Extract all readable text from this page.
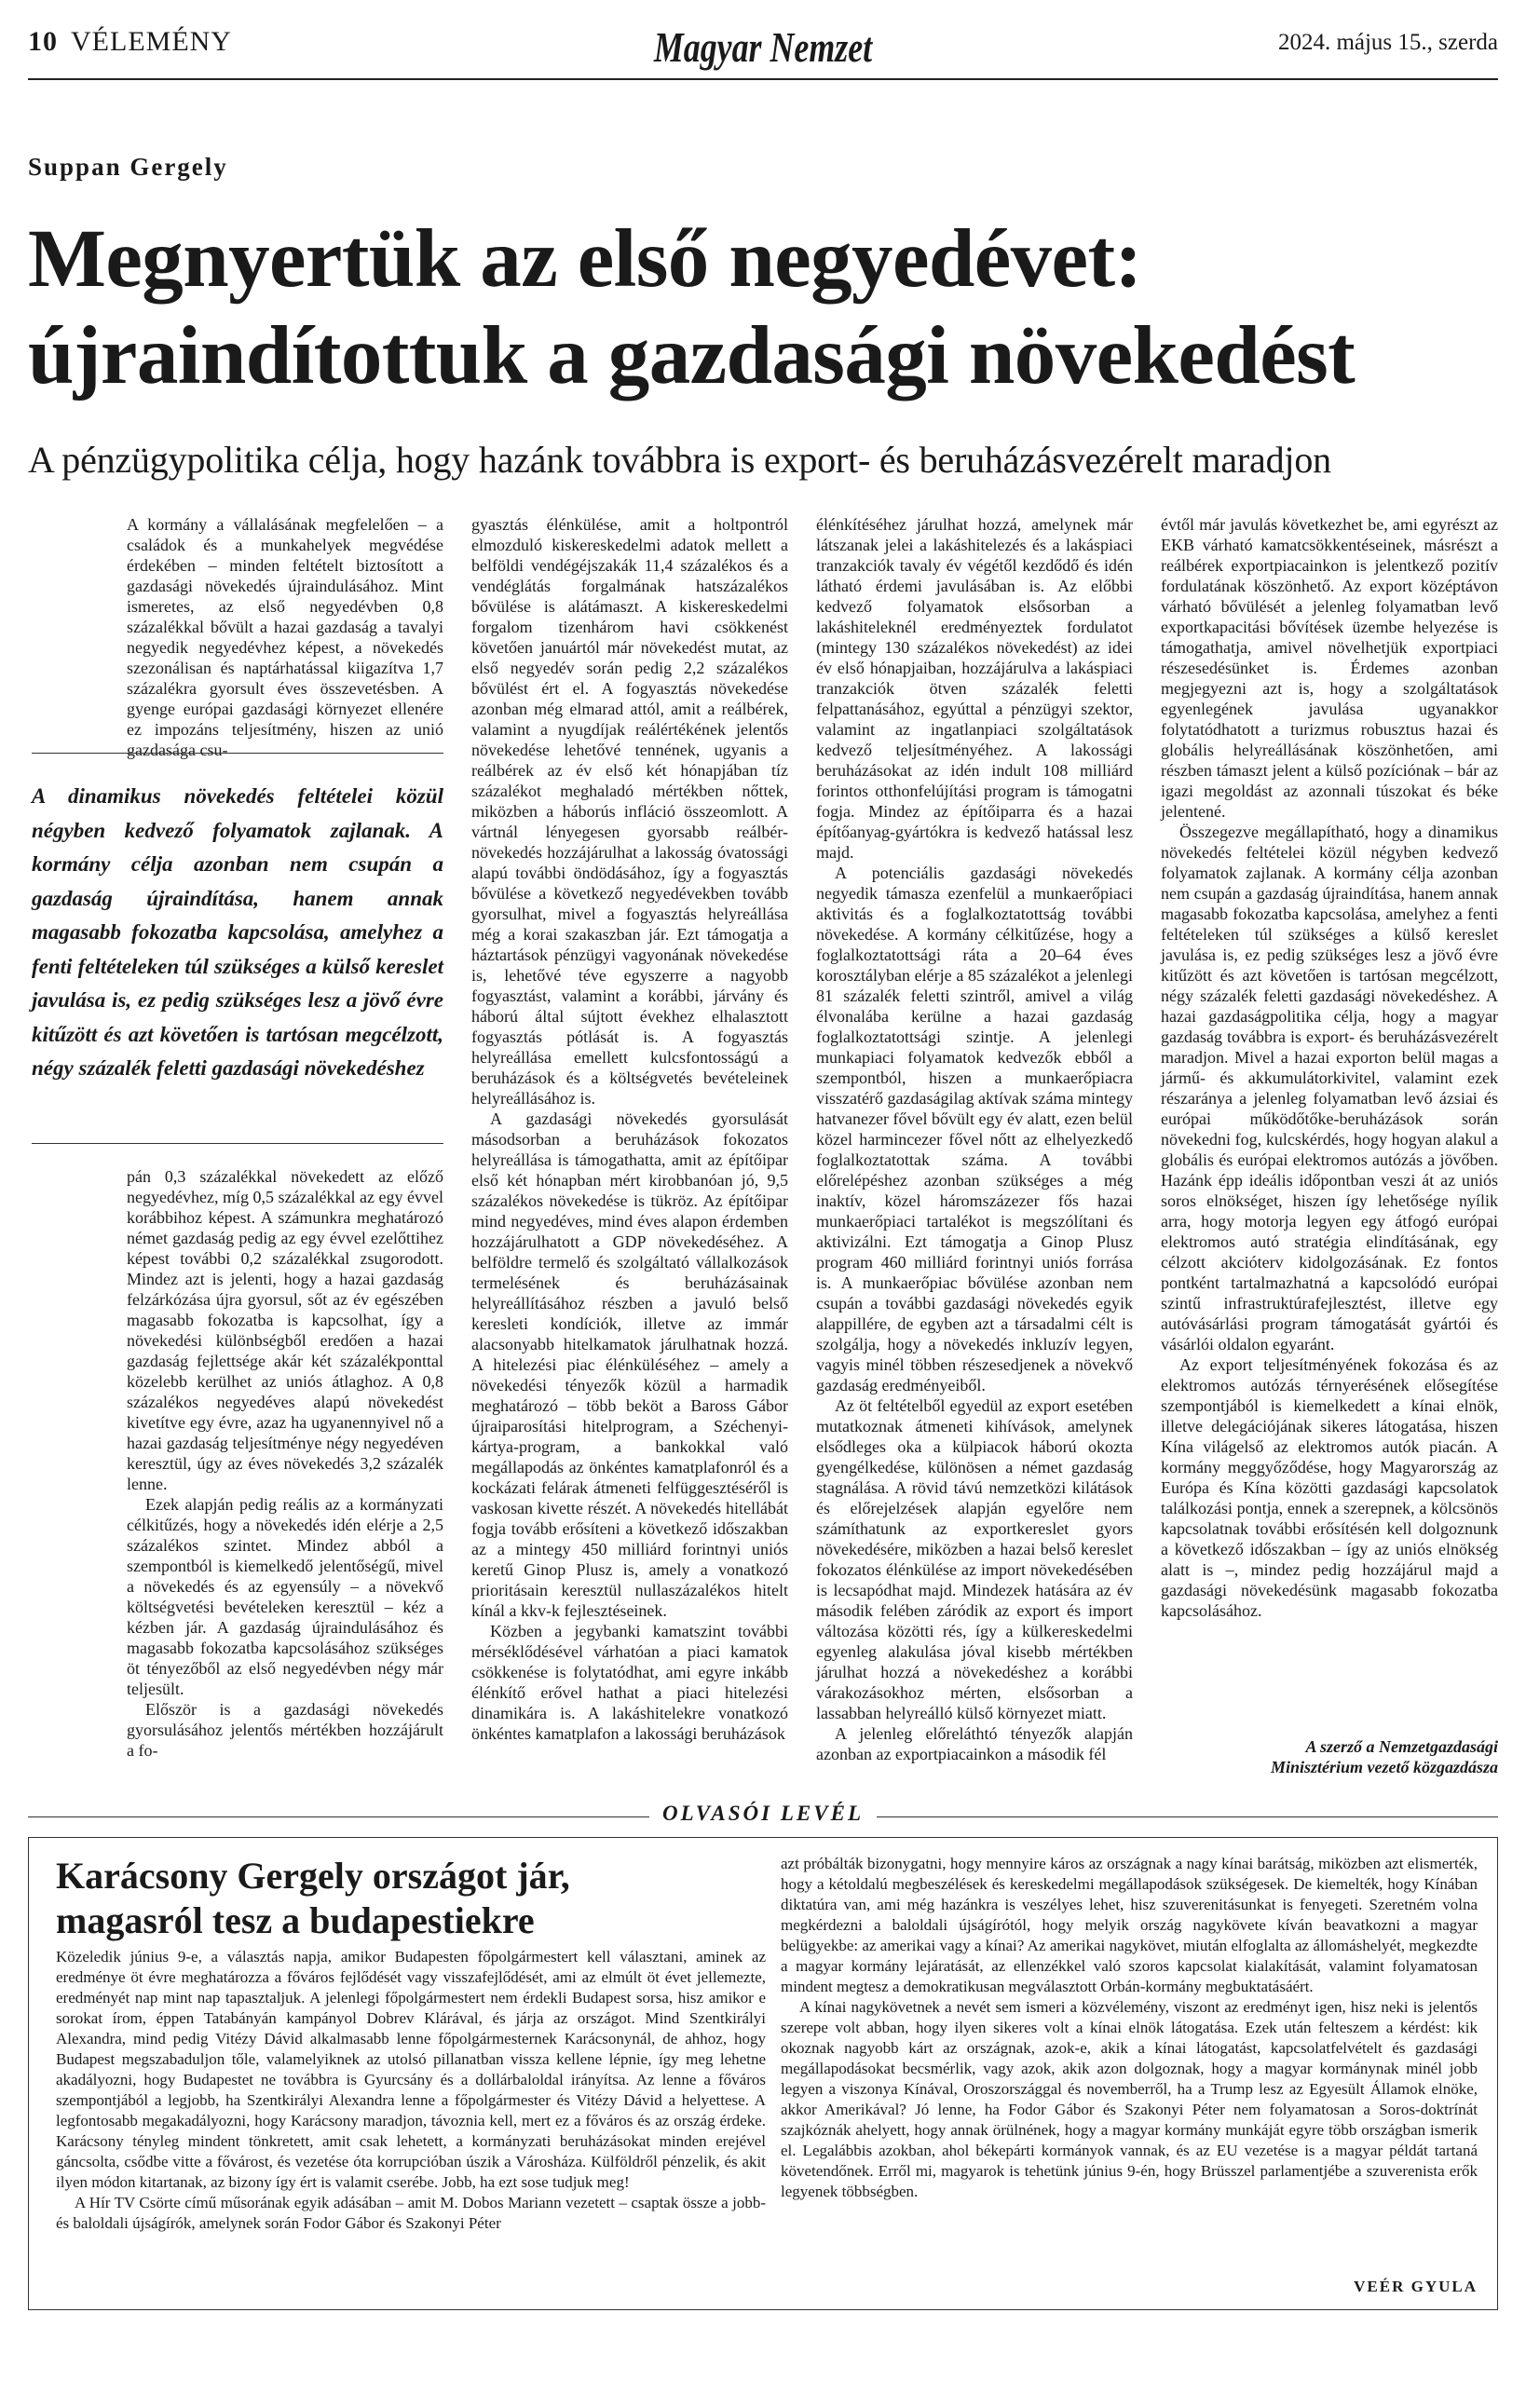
10 VÉLEMÉNY	Magyar Nemzet	2024. május 15., szerda
Suppan Gergely
Megnyertük az első negyedévet:
újraindítottuk a gazdasági növekedést
A pénzügypolitika célja, hogy hazánk továbbra is export- és beruházásvezérelt maradjon

A kormány a vállalásának megfelelően – a családok és a munkahelyek megvédése érdekében – minden feltételt biztosított a gazdasági növekedés újraindulásához. Mint ismeretes, az első negyedévben 0,8 százalékkal bővült a hazai gazdaság a tavalyi negyedik negyedévhez képest, a növekedés szezonálisan és naptárhatással kiigazítva 1,7 százalékra gyorsult éves összevetésben. A gyenge európai gazdasági környezet ellenére ez impozáns teljesítmény, hiszen az unió gazdasága csu-

A dinamikus növekedés feltételei közül négyben kedvező folyamatok zajlanak. A kormány célja azonban nem csupán a gazdaság újraindítása, hanem annak magasabb fokozatba kapcsolása, amelyhez a fenti feltételeken túl szükséges a külső kereslet javulása is, ez pedig szükséges lesz a jövő évre kitűzött és azt követően is tartósan megcélzott, négy százalék feletti gazdasági növekedéshez

pán 0,3 százalékkal növekedett az előző negyedévhez, míg 0,5 százalékkal az egy évvel korábbihoz képest. A számunkra meghatározó német gazdaság pedig az egy évvel ezelőttihez képest további 0,2 százalékkal zsugorodott. Mindez azt is jelenti, hogy a hazai gazdaság felzárkózása újra gyorsul, sőt az év egészében magasabb fokozatba is kapcsolhat, így a növekedési különbségből eredően a hazai gazdaság fejlettsége akár két százalékponttal közelebb kerülhet az uniós átlaghoz. A 0,8 százalékos negyedéves alapú növekedést kivetítve egy évre, azaz ha ugyanennyivel nő a hazai gazdaság teljesítménye négy negyedéven keresztül, úgy az éves növekedés 3,2 százalék lenne.

Ezek alapján pedig reális az a kormányzati célkitűzés, hogy a növekedés idén elérje a 2,5 százalékos szintet. Mindez abból a szempontból is kiemelkedő jelentőségű, mivel a növekedés és az egyensúly – a növekvő költségvetési bevételeken keresztül – kéz a kézben jár. A gazdaság újraindulásához és magasabb fokozatba kapcsolásához szükséges öt tényezőből az első negyedévben négy már teljesült.

Először is a gazdasági növekedés gyorsulásához jelentős mértékben hozzájárult a fo-

gyasztás élénkülése, amit a holtpontról elmozduló kiskereskedelmi adatok mellett a belföldi vendégéjszakák 11,4 százalékos és a vendéglátás forgalmának hatszázalékos bővülése is alátámaszt. A kiskereskedelmi forgalom tizenhárom havi csökkenést követően januártól már növekedést mutat, az első negyedév során pedig 2,2 százalékos bővülést ért el. A fogyasztás növekedése azonban még elmarad attól, amit a reálbérek, valamint a nyugdíjak reálértékének jelentős növekedése lehetővé tennének, ugyanis a reálbérek az év első két hónapjában tíz százalékot meghaladó mértékben nőttek, miközben a háborús infláció összeomlott. A vártnál lényegesen gyorsabb reálbér-növekedés hozzájárulhat a lakosság óvatossági alapú további öndödásához, így a fogyasztás bővülése a következő negyedévekben tovább gyorsulhat, mivel a fogyasztás helyreállása még a korai szakaszban jár. Ezt támogatja a háztartások pénzügyi vagyonának növekedése is, lehetővé téve egyszerre a nagyobb fogyasztást, valamint a korábbi, járvány és háború által sújtott évekhez elhalasztott fogyasztás pótlását is. A fogyasztás helyreállása emellett kulcsfontosságú a beruházások és a költségvetés bevételeinek helyreállásához is.

A gazdasági növekedés gyorsulását másodsorban a beruházások fokozatos helyreállása is támogathatta, amit az építőipar első két hónapban mért kirobbanóan jó, 9,5 százalékos növekedése is tükröz. Az építőipar mind negyedéves, mind éves alapon érdemben hozzájárulhatott a GDP növekedéséhez. A belföldre termelő és szolgáltató vállalkozások termelésének és beruházásainak helyreállításához részben a javuló belső keresleti kondíciók, illetve az immár alacsonyabb hitelkamatok járulhatnak hozzá. A hitelezési piac élénküléséhez – amely a növekedési tényezők közül a harmadik meghatározó – több beköt a Baross Gábor újraiparosítási hitelprogram, a Széchenyi-kártya-program, a bankokkal való megállapodás az önkéntes kamatplafonról és a kockázati felárak átmeneti felfüggesztéséről is vaskosan kivette részét. A növekedés hitellábát fogja tovább erősíteni a következő időszakban az a mintegy 450 milliárd forintnyi uniós keretű Ginop Plusz is, amely a vonatkozó prioritásain keresztül nullaszázalékos hitelt kínál a kkv-k fejlesztéseinek.

Közben a jegybanki kamatszint további mérséklődésével várhatóan a piaci kamatok csökkenése is folytatódhat, ami egyre inkább élénkítő erővel hathat a piaci hitelezési dinamikára is. A lakáshitelekre vonatkozó önkéntes kamatplafon a lakossági beruházások

élénkítéséhez járulhat hozzá, amelynek már látszanak jelei a lakáshitelezés és a lakáspiaci tranzakciók tavaly év végétől kezdődő és idén látható érdemi javulásában is. Az előbbi kedvező folyamatok elsősorban a lakáshiteleknél eredményeztek fordulatot (mintegy 130 százalékos növekedést) az idei év első hónapjaiban, hozzájárulva a lakáspiaci tranzakciók ötven százalék feletti felpattanásához, egyúttal a pénzügyi szektor, valamint az ingatlanpiaci szolgáltatások kedvező teljesítményéhez. A lakossági beruházásokat az idén indult 108 milliárd forintos otthonfelújítási program is támogatni fogja. Mindez az építőiparra és a hazai építőanyag-gyártókra is kedvező hatással lesz majd.

A potenciális gazdasági növekedés negyedik támasza ezenfelül a munkaerőpiaci aktivitás és a foglalkoztatottság további növekedése. A kormány célkitűzése, hogy a foglalkoztatottsági ráta a 20–64 éves korosztályban elérje a 85 százalékot a jelenlegi 81 százalék feletti szintről, amivel a világ élvonalába kerülne a hazai gazdaság foglalkoztatottsági szintje. A jelenlegi munkapiaci folyamatok kedvezők ebből a szempontból, hiszen a munkaerőpiacra visszatérő gazdaságilag aktívak száma mintegy hatvanezer fővel bővült egy év alatt, ezen belül közel harmincezer fővel nőtt az elhelyezkedő foglalkoztatottak száma. A további előrelépéshez azonban szükséges a még inaktív, közel háromszázezer fős hazai munkaerőpiaci tartalékot is megszólítani és aktivizálni. Ezt támogatja a Ginop Plusz program 460 milliárd forintnyi uniós forrása is. A munkaerőpiac bővülése azonban nem csupán a további gazdasági növekedés egyik alappillére, de egyben azt a társadalmi célt is szolgálja, hogy a növekedés inkluzív legyen, vagyis minél többen részesedjenek a növekvő gazdaság eredményeiből.

Az öt feltételből egyedül az export esetében mutatkoznak átmeneti kihívások, amelynek elsődleges oka a külpiacok háború okozta gyengélkedése, különösen a német gazdaság stagnálása. A rövid távú nemzetközi kilátások és előrejelzések alapján egyelőre nem számíthatunk az exportkereslet gyors növekedésére, miközben a hazai belső kereslet fokozatos élénkülése az import növekedésében is lecsapódhat majd. Mindezek hatására az év második felében záródik az export és import változása közötti rés, így a külkereskedelmi egyenleg alakulása jóval kisebb mértékben járulhat hozzá a növekedéshez a korábbi várakozásokhoz mérten, elsősorban a lassabban helyreálló külső környezet miatt.

A jelenleg előreláthtó tényezők alapján azonban az exportpiacainkon a második fél

évtől már javulás következhet be, ami egyrészt az EKB várható kamatcsökkentéseinek, másrészt a reálbérek exportpiacainkon is jelentkező pozitív fordulatának köszönhető. Az export középtávon várható bővülését a jelenleg folyamatban levő exportkapacitási bővítések üzembe helyezése is támogathatja, amivel növelhetjük exportpiaci részesedésünket is. Érdemes azonban megjegyezni azt is, hogy a szolgáltatások egyenlegének javulása ugyanakkor folytatódhatott a turizmus robusztus hazai és globális helyreállásának köszönhetően, ami részben támaszt jelent a külső pozíciónak – bár az igazi megoldást az azonnali túszokat és béke jelentené.

Összegezve megállapítható, hogy a dinamikus növekedés feltételei közül négyben kedvező folyamatok zajlanak. A kormány célja azonban nem csupán a gazdaság újraindítása, hanem annak magasabb fokozatba kapcsolása, amelyhez a fenti feltételeken túl szükséges a külső kereslet javulása is, ez pedig szükséges lesz a jövő évre kitűzött és azt követően is tartósan megcélzott, négy százalék feletti gazdasági növekedéshez. A hazai gazdaságpolitika célja, hogy a magyar gazdaság továbbra is export- és beruházásvezérelt maradjon. Mivel a hazai exporton belül magas a jármű- és akkumulátorkivitel, valamint ezek részaránya a jelenleg folyamatban levő ázsiai és európai működőtőke-beruházások során növekedni fog, kulcskérdés, hogy hogyan alakul a globális és európai elektromos autózás a jövőben. Hazánk épp ideális időpontban veszi át az uniós soros elnökséget, hiszen így lehetősége nyílik arra, hogy motorja legyen egy átfogó európai elektromos autó stratégia elindításának, egy célzott akcióterv kidolgozásának. Ez fontos pontként tartalmazhatná a kapcsolódó európai szintű infrastruktúrafejlesztést, illetve egy autóvásárlási program támogatását gyártói és vásárlói oldalon egyaránt.

Az export teljesítményének fokozása és az elektromos autózás térnyerésének elősegítése szempontjából is kiemelkedett a kínai elnök, illetve delegációjának sikeres látogatása, hiszen Kína világelső az elektromos autók piacán. A kormány meggyőződése, hogy Magyarország az Európa és Kína közötti gazdasági kapcsolatok találkozási pontja, ennek a szerepnek, a kölcsönös kapcsolatnak további erősítésén kell dolgoznunk a következő időszakban – így az uniós elnökség alatt is –, mindez pedig hozzájárul majd a gazdasági növekedésünk magasabb fokozatba kapcsolásához.

A szerző a Nemzetgazdasági
Minisztérium vezető közgazdásza
OLVASÓI LEVÉL
Karácsony Gergely országot jár,
magasról tesz a budapestiekre

Közeledik június 9-e, a választás napja, amikor Budapesten főpolgármestert kell választani, aminek az eredménye öt évre meghatározza a főváros fejlődését vagy visszafejlődését, ami az elmúlt öt évet jellemezte, eredményét nap mint nap tapasztaljuk. A jelenlegi főpolgármestert nem érdekli Budapest sorsa, hisz amikor e sorokat írom, éppen Tatabányán kampányol Dobrev Klárával, és járja az országot. Mind Szentkirályi Alexandra, mind pedig Vitézy Dávid alkalmasabb lenne főpolgármesternek Karácsonynál, de ahhoz, hogy Budapest megszabaduljon tőle, valamelyiknek az utolsó pillanatban vissza kellene lépnie, így meg lehetne akadályozni, hogy Budapestet ne továbbra is Gyurcsány és a dollárbaloldal irányítsa. Az lenne a főváros szempontjából a legjobb, ha Szentkirályi Alexandra lenne a főpolgármester és Vitézy Dávid a helyettese. A legfontosabb megakadályozni, hogy Karácsony maradjon, távoznia kell, mert ez a főváros és az ország érdeke. Karácsony tényleg mindent tönkretett, amit csak lehetett, a kormányzati beruházásokat minden erejével gáncsolta, csődbe vitte a fővárost, és vezetése óta korrupcióban úszik a Városháza. Külföldről pénzelik, és akit ilyen módon kitartanak, az bizony így ért is valamit cserébe. Jobb, ha ezt sose tudjuk meg!

A Hír TV Csörte című műsorának egyik adásában – amit M. Dobos Mariann vezetett – csaptak össze a jobb- és baloldali újságírók, amelynek során Fodor Gábor és Szakonyi Péter

azt próbálták bizonygatni, hogy mennyire káros az országnak a nagy kínai barátság, miközben azt elismerték, hogy a kétoldalú megbeszélések és kereskedelmi megállapodások szükségesek. De kiemelték, hogy Kínában diktatúra van, ami még hazánkra is veszélyes lehet, hisz szuverenitásunkat is fenyegeti. Szeretném volna megkérdezni a baloldali újságírótól, hogy melyik ország nagykövete kíván beavatkozni a magyar belügyekbe: az amerikai vagy a kínai? Az amerikai nagykövet, miután elfoglalta az állomáshelyét, megkezdte a magyar kormány lejáratását, az ellenzékkel való szoros kapcsolat kialakítását, valamint folyamatosan mindent megtesz a demokratikusan megválasztott Orbán-kormány megbuktatásáért.

A kínai nagykövetnek a nevét sem ismeri a közvélemény, viszont az eredményt igen, hisz neki is jelentős szerepe volt abban, hogy ilyen sikeres volt a kínai elnök látogatása. Ezek után felteszem a kérdést: kik okoznak nagyobb kárt az országnak, azok-e, akik a kínai látogatást, kapcsolatfelvételt és gazdasági megállapodásokat becsmérlik, vagy azok, akik azon dolgoznak, hogy a magyar kormánynak minél jobb legyen a viszonya Kínával, Oroszországgal és novemberről, ha a Trump lesz az Egyesült Államok elnöke, akkor Amerikával? Jó lenne, ha Fodor Gábor és Szakonyi Péter nem folyamatosan a Soros-doktrínát szajkóznák ahelyett, hogy annak örülnének, hogy a magyar kormány munkáját egyre több országban ismerik el. Legalábbis azokban, ahol békepárti kormányok vannak, és az EU vezetése is a magyar példát tartaná követendőnek. Erről mi, magyarok is tehetünk június 9-én, hogy Brüsszel parlamentjébe a szuverenista erők legyenek többségben.

VEÉR GYULA
